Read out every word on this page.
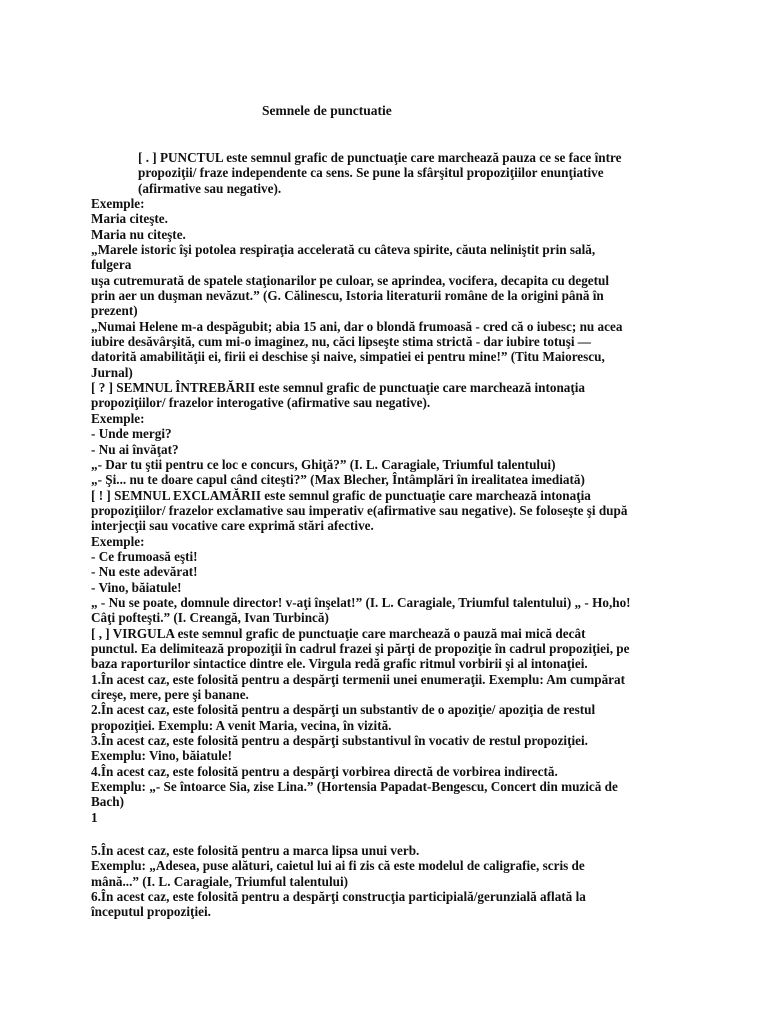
Semnele de punctuatie
[ . ] PUNCTUL este semnul grafic de punctuaţie care marchează pauza ce se face între
propoziţii/ fraze independente ca sens. Se pune la sfârşitul propoziţiilor enunţiative
(afirmative sau negative).
Exemple:
Maria citeşte.
Maria nu citeşte.
„Marele istoric îşi potolea respiraţia accelerată cu câteva spirite, căuta neliniştit prin sală,
fulgera
uşa cutremurată de spatele staţionarilor pe culoar, se aprindea, vocifera, decapita cu degetul
prin aer un duşman nevăzut.” (G. Călinescu, Istoria literaturii române de la origini până în
prezent)
„Numai Helene m-a despăgubit; abia 15 ani, dar o blondă frumoasă - cred că o iubesc; nu acea
iubire desăvârşită, cum mi-o imaginez, nu, căci lipseşte stima strictă - dar iubire totuşi —
datorită amabilităţii ei, firii ei deschise şi naive, simpatiei ei pentru mine!” (Titu Maiorescu,
Jurnal)
[ ? ] SEMNUL ÎNTREBĂRII este semnul grafic de punctuaţie care marchează intonaţia
propoziţiilor/ frazelor interogative (afirmative sau negative).
Exemple:
- Unde mergi?
- Nu ai învăţat?
„- Dar tu ştii pentru ce loc e concurs, Ghiţă?” (I. L. Caragiale, Triumful talentului)
„- Şi... nu te doare capul când citeşti?” (Max Blecher, Întâmplări în irealitatea imediată)
[ ! ] SEMNUL EXCLAMĂRII este semnul grafic de punctuaţie care marchează intonaţia
propoziţiilor/ frazelor exclamative sau imperativ e(afirmative sau negative). Se foloseşte şi după
interjecţii sau vocative care exprimă stări afective.
Exemple:
- Ce frumoasă eşti!
- Nu este adevărat!
- Vino, băiatule!
„ - Nu se poate, domnule director! v-aţi înşelat!” (I. L. Caragiale, Triumful talentului) „ - Ho,ho!
Câţi pofteşti.” (I. Creangă, Ivan Turbincă)
[ , ] VIRGULA este semnul grafic de punctuaţie care marchează o pauză mai mică decât
punctul. Ea delimitează propoziţii în cadrul frazei şi părţi de propoziţie în cadrul propoziţiei, pe
baza raporturilor sintactice dintre ele. Virgula redă grafic ritmul vorbirii şi al intonaţiei.
1.În acest caz, este folosită pentru a despărţi termenii unei enumeraţii. Exemplu: Am cumpărat
cireşe, mere, pere şi banane.
2.În acest caz, este folosită pentru a despărţi un substantiv de o apoziţie/ apoziţia de restul
propoziţiei. Exemplu: A venit Maria, vecina, în vizită.
3.În acest caz, este folosită pentru a despărţi substantivul în vocativ de restul propoziţiei.
Exemplu: Vino, băiatule!
4.În acest caz, este folosită pentru a despărţi vorbirea directă de vorbirea indirectă.
Exemplu: „- Se întoarce Sia, zise Lina.” (Hortensia Papadat-Bengescu, Concert din muzică de
Bach)
1
5.În acest caz, este folosită pentru a marca lipsa unui verb.
Exemplu: „Adesea, puse alături, caietul lui ai fi zis că este modelul de caligrafie, scris de
mână...” (I. L. Caragiale, Triumful talentului)
6.În acest caz, este folosită pentru a despărţi construcţia participială/gerunzială aflată la
începutul propoziţiei.
